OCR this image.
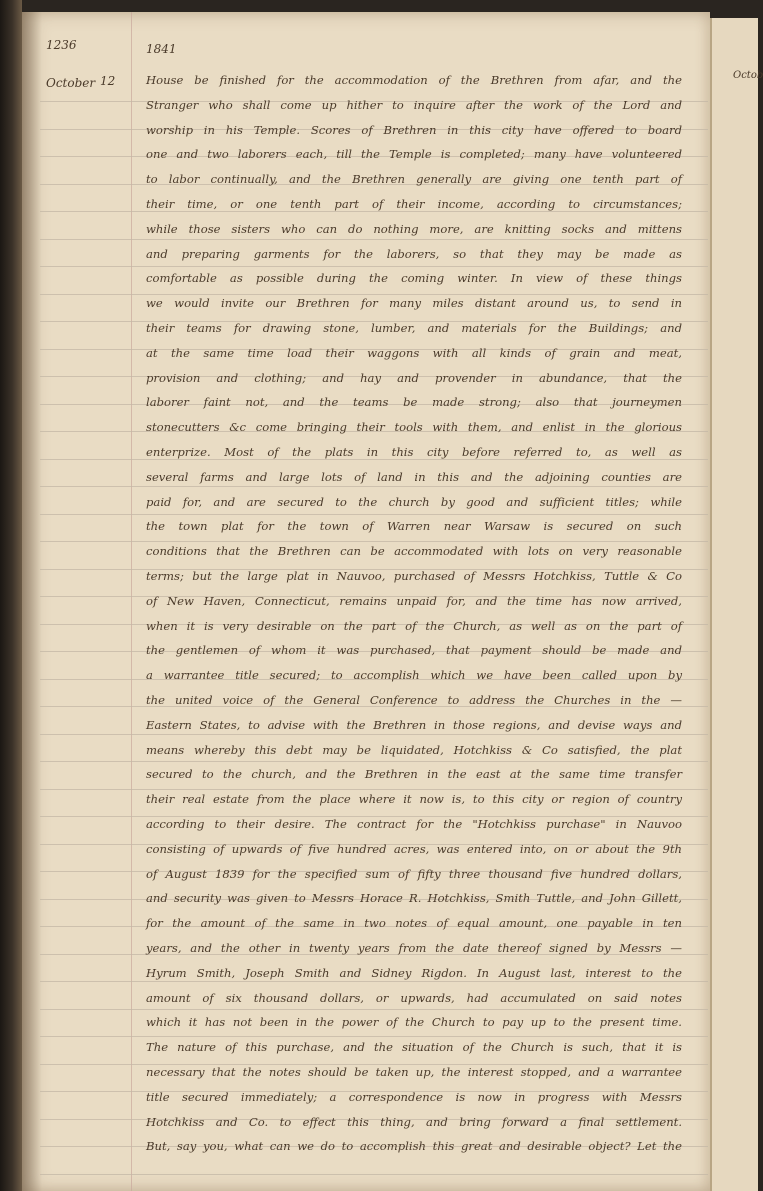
1236	1841
October 12	Octob
House be finished for the accommodation of the Brethren from afar, and the
Stranger who shall come up hither to inquire after the work of the Lord and
worship in his Temple. Scores of Brethren in this city have offered to board
one and two laborers each, till the Temple is completed; many have volunteered
to labor continually, and the Brethren generally are giving one tenth part of
their time, or one tenth part of their income, according to circumstances;
while those sisters who can do nothing more, are knitting socks and mittens
and preparing garments for the laborers, so that they may be made as
comfortable as possible during the coming winter. In view of these things
we would invite our Brethren for many miles distant around us, to send in
their teams for drawing stone, lumber, and materials for the Buildings; and
at the same time load their waggons with all kinds of grain and meat,
provision and clothing; and hay and provender in abundance, that the
laborer faint not, and the teams be made strong; also that journeymen
stonecutters &c come bringing their tools with them, and enlist in the glorious
enterprize. Most of the plats in this city before referred to, as well as
several farms and large lots of land in this and the adjoining counties are
paid for, and are secured to the church by good and sufficient titles; while
the town plat for the town of Warren near Warsaw is secured on such
conditions that the Brethren can be accommodated with lots on very reasonable
terms; but the large plat in Nauvoo, purchased of Messrs Hotchkiss, Tuttle & Co
of New Haven, Connecticut, remains unpaid for, and the time has now arrived,
when it is very desirable on the part of the Church, as well as on the part of
the gentlemen of whom it was purchased, that payment should be made and
a warrantee title secured; to accomplish which we have been called upon by
the united voice of the General Conference to address the Churches in the —
Eastern States, to advise with the Brethren in those regions, and devise ways and
means whereby this debt may be liquidated, Hotchkiss & Co satisfied, the plat
secured to the church, and the Brethren in the east at the same time transfer
their real estate from the place where it now is, to this city or region of country
according to their desire. The contract for the "Hotchkiss purchase" in Nauvoo
consisting of upwards of five hundred acres, was entered into, on or about the 9th
of August 1839 for the specified sum of fifty three thousand five hundred dollars,
and security was given to Messrs Horace R. Hotchkiss, Smith Tuttle, and John Gillett,
for the amount of the same in two notes of equal amount, one payable in ten
years, and the other in twenty years from the date thereof signed by Messrs —
Hyrum Smith, Joseph Smith and Sidney Rigdon. In August last, interest to the
amount of six thousand dollars, or upwards, had accumulated on said notes
which it has not been in the power of the Church to pay up to the present time.
The nature of this purchase, and the situation of the Church is such, that it is
necessary that the notes should be taken up, the interest stopped, and a warrantee
title secured immediately; a correspondence is now in progress with Messrs
Hotchkiss and Co. to effect this thing, and bring forward a final settlement.
But, say you, what can we do to accomplish this great and desirable object? Let the
